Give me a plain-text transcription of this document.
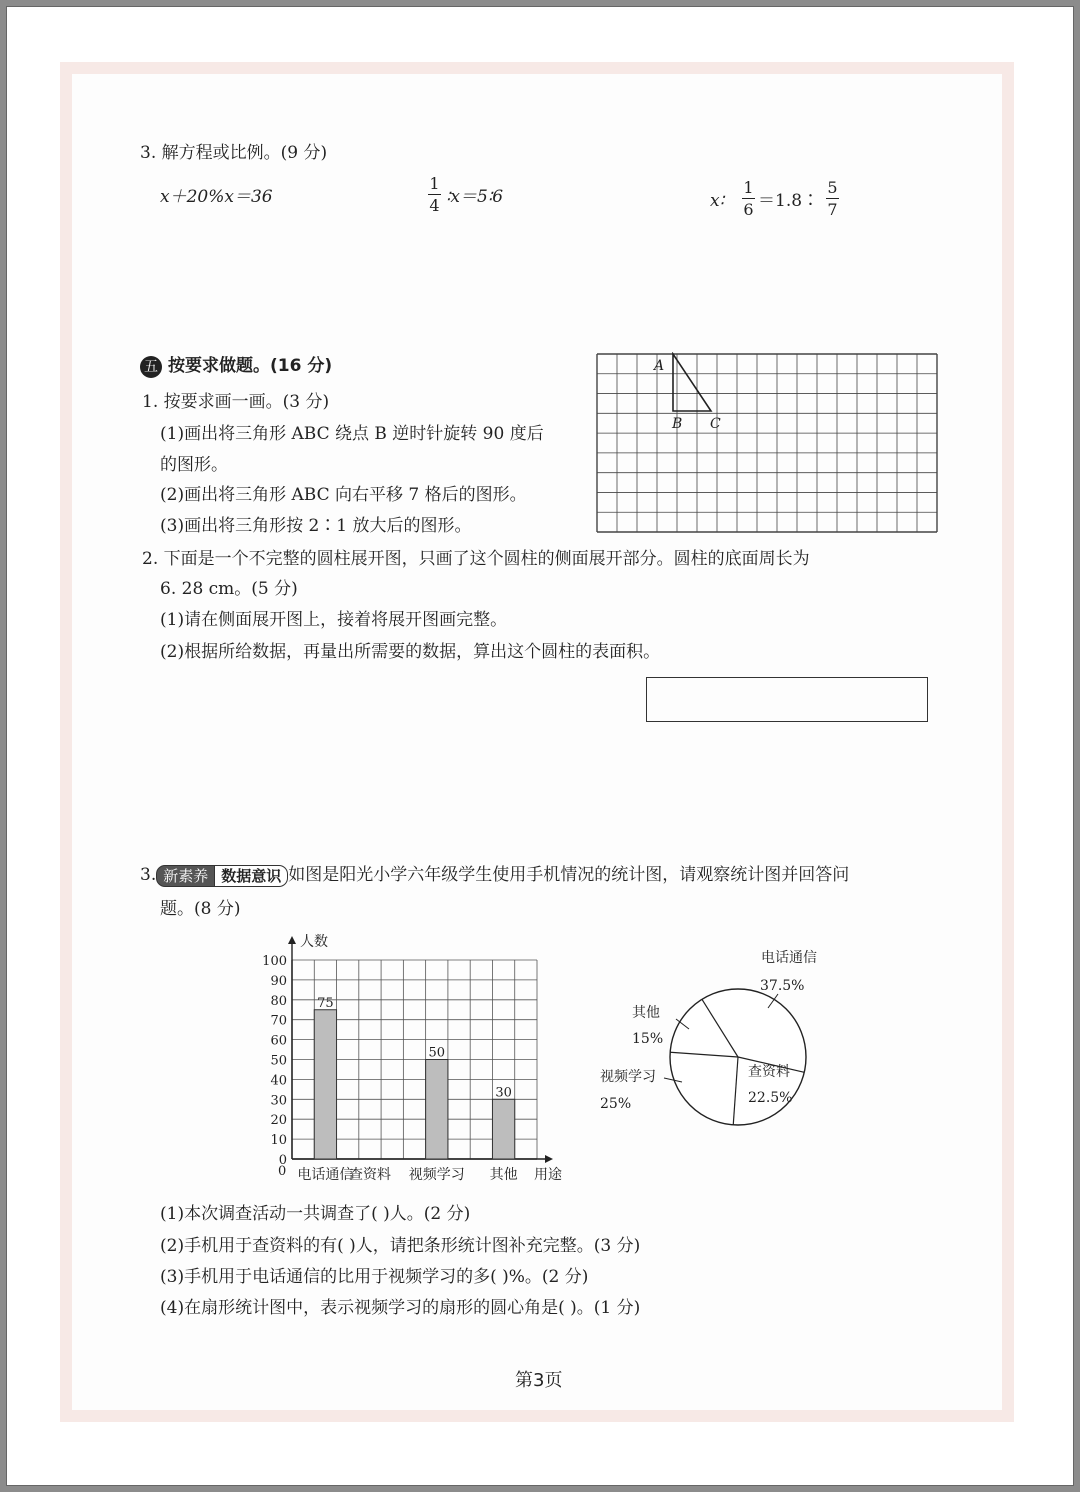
3. 解方程或比例。(9 分)
x＋20%x＝36
1
4 ∶x＝5∶6	x∶
1
6 ＝1.8∶
5
7
五 按要求做题。(16 分)
1. 按要求画一画。(3 分)
(1)画出将三角形 ABC 绕点 B 逆时针旋转 90 度后
的图形。
(2)画出将三角形 ABC 向右平移 7 格后的图形。
(3)画出将三角形按 2∶1 放大后的图形。
A
B C
2. 下面是一个不完整的圆柱展开图，只画了这个圆柱的侧面展开部分。圆柱的底面周长为
6. 28 cm。(5 分)
(1)请在侧面展开图上，接着将展开图画完整。
(2)根据所给数据，再量出所需要的数据，算出这个圆柱的表面积。
3. 新素养 数据意识 如图是阳光小学六年级学生使用手机情况的统计图，请观察统计图并回答问
题。(8 分)
0
10
20
30
40
50
60
70
80
90
100
0
75
电话通信
查资料
50
视频学习
30
其他
人数
用途
电话通信
37.5%
查资料
22.5%
视频学习
25%
其他
15%
(1)本次调查活动一共调查了( )人。(2 分)
(2)手机用于查资料的有( )人，请把条形统计图补充完整。(3 分)
(3)手机用于电话通信的比用于视频学习的多( )%。(2 分)
(4)在扇形统计图中，表示视频学习的扇形的圆心角是( )。(1 分)
第3页
